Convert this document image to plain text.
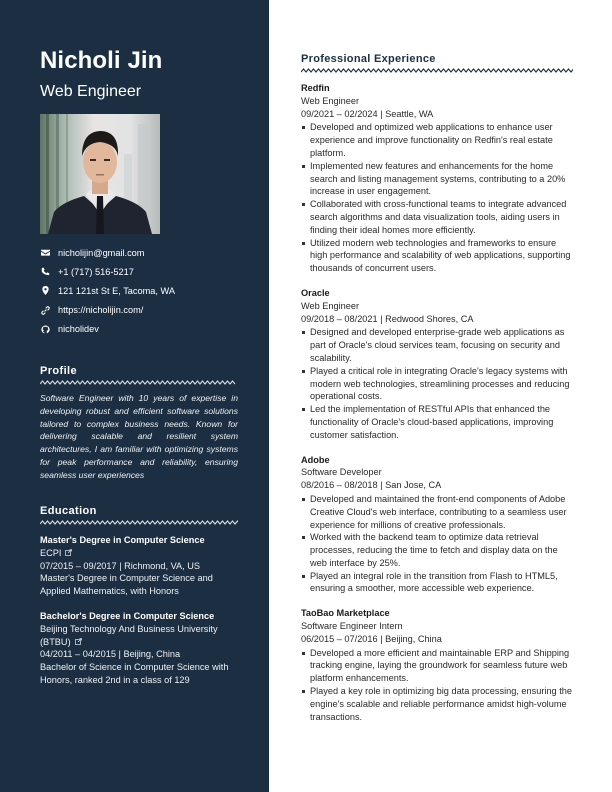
Nicholi Jin
Web Engineer
nicholijin@gmail.com
+1 (717) 516-5217
121 121st St E, Tacoma, WA
https://nicholijin.com/
nicholidev
Profile
Software Engineer with 10 years of expertise in developing robust and efficient software solutions tailored to complex business needs. Known for delivering scalable and resilient system architectures, I am familiar with optimizing systems for peak performance and reliability, ensuring seamless user experiences
Education
Master's Degree in Computer Science
ECPI
07/2015 – 09/2017 | Richmond, VA, US
Master's Degree in Computer Science and Applied Mathematics, with Honors
Bachelor's Degree in Computer Science
Beijing Technology And Business University (BTBU)
04/2011 – 04/2015 | Beijing, China
Bachelor of Science in Computer Science with Honors, ranked 2nd in a class of 129
Professional Experience
Redfin
Web Engineer
09/2021 – 02/2024 | Seattle, WA
Developed and optimized web applications to enhance user experience and improve functionality on Redfin's real estate platform.
Implemented new features and enhancements for the home search and listing management systems, contributing to a 20% increase in user engagement.
Collaborated with cross-functional teams to integrate advanced search algorithms and data visualization tools, aiding users in finding their ideal homes more efficiently.
Utilized modern web technologies and frameworks to ensure high performance and scalability of web applications, supporting thousands of concurrent users.
Oracle
Web Engineer
09/2018 – 08/2021 | Redwood Shores, CA
Designed and developed enterprise-grade web applications as part of Oracle's cloud services team, focusing on security and scalability.
Played a critical role in integrating Oracle's legacy systems with modern web technologies, streamlining processes and reducing operational costs.
Led the implementation of RESTful APIs that enhanced the functionality of Oracle's cloud-based applications, improving customer satisfaction.
Adobe
Software Developer
08/2016 – 08/2018 | San Jose, CA
Developed and maintained the front-end components of Adobe Creative Cloud's web interface, contributing to a seamless user experience for millions of creative professionals.
Worked with the backend team to optimize data retrieval processes, reducing the time to fetch and display data on the web interface by 25%.
Played an integral role in the transition from Flash to HTML5, ensuring a smoother, more accessible web experience.
TaoBao Marketplace
Software Engineer Intern
06/2015 – 07/2016 | Beijing, China
Developed a more efficient and maintainable ERP and Shipping tracking engine, laying the groundwork for seamless future web platform enhancements.
Played a key role in optimizing big data processing, ensuring the engine's scalable and reliable performance amidst high-volume transactions.
